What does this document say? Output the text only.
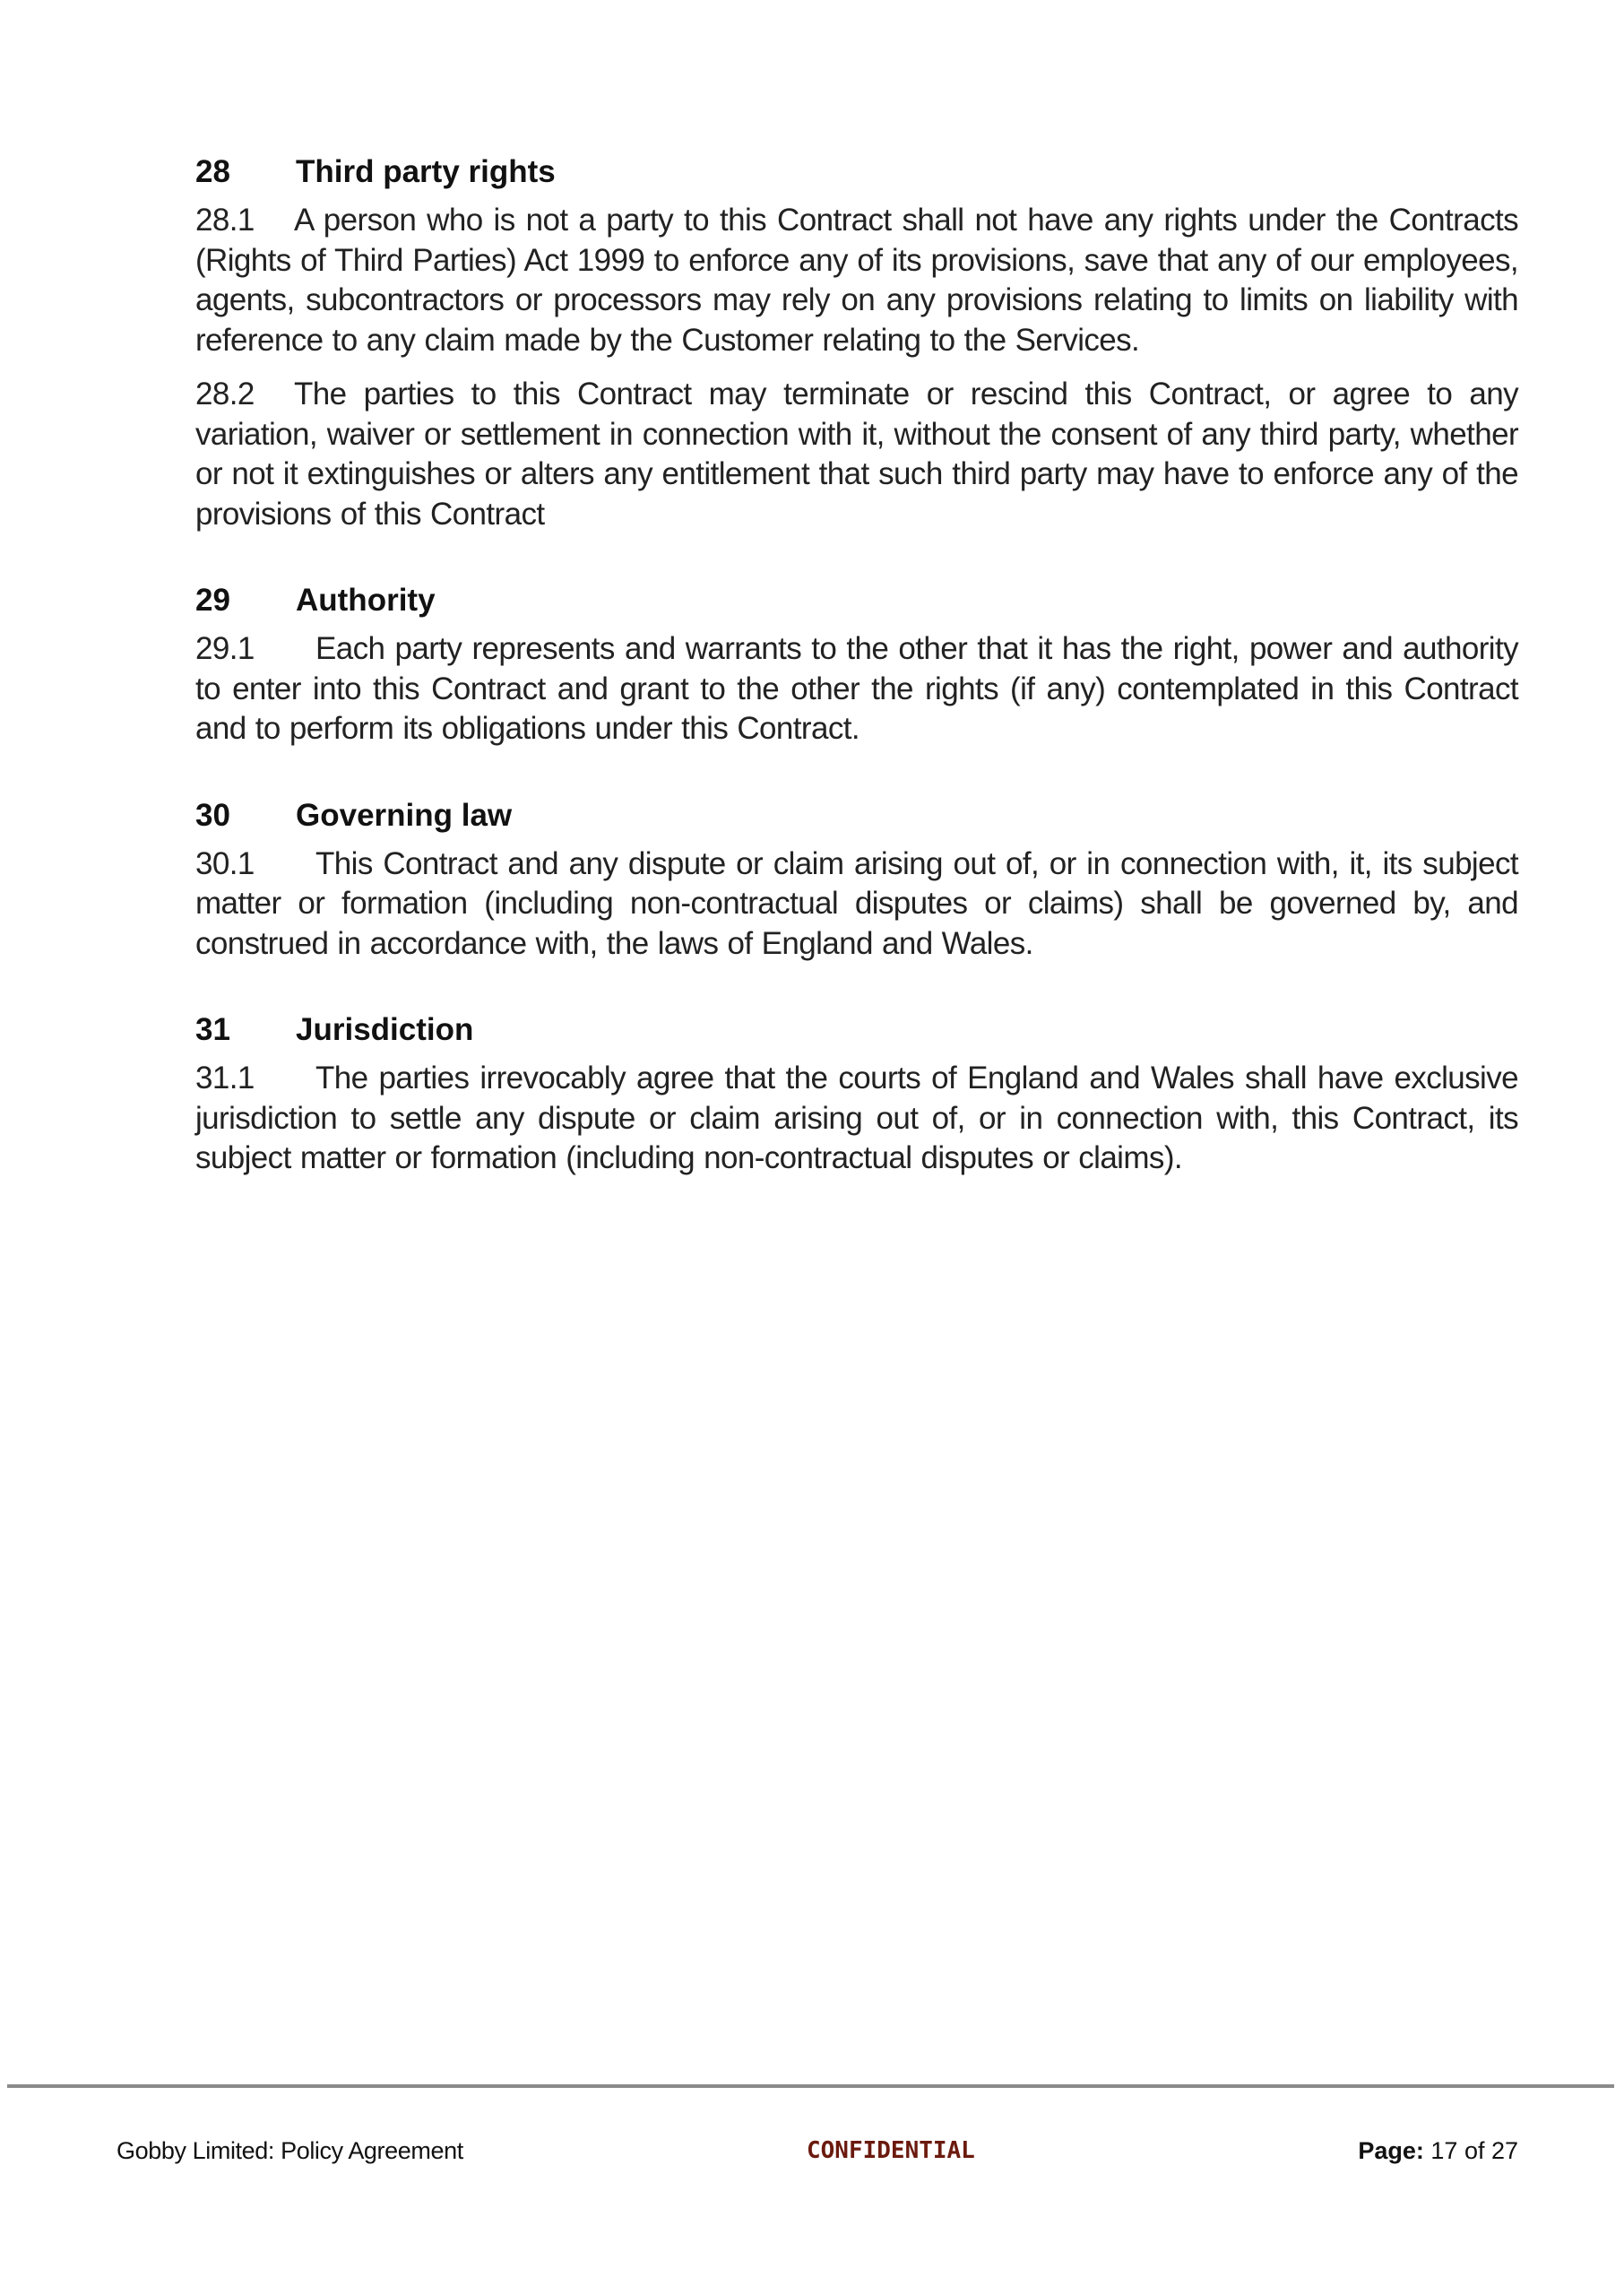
28	Third party rights
28.1 A person who is not a party to this Contract shall not have any rights under the Contracts (Rights of Third Parties) Act 1999 to enforce any of its provisions, save that any of our employees, agents, subcontractors or processors may rely on any provisions relating to limits on liability with reference to any claim made by the Customer relating to the Services.
28.2 The parties to this Contract may terminate or rescind this Contract, or agree to any variation, waiver or settlement in connection with it, without the consent of any third party, whether or not it extinguishes or alters any entitlement that such third party may have to enforce any of the provisions of this Contract
29	Authority
29.1 Each party represents and warrants to the other that it has the right, power and authority to enter into this Contract and grant to the other the rights (if any) contemplated in this Contract and to perform its obligations under this Contract.
30	Governing law
30.1 This Contract and any dispute or claim arising out of, or in connection with, it, its subject matter or formation (including non-contractual disputes or claims) shall be governed by, and construed in accordance with, the laws of England and Wales.
31	Jurisdiction
31.1 The parties irrevocably agree that the courts of England and Wales shall have exclusive jurisdiction to settle any dispute or claim arising out of, or in connection with, this Contract, its subject matter or formation (including non-contractual disputes or claims).
Gobby Limited: Policy Agreement	CONFIDENTIAL	Page: 17 of 27
